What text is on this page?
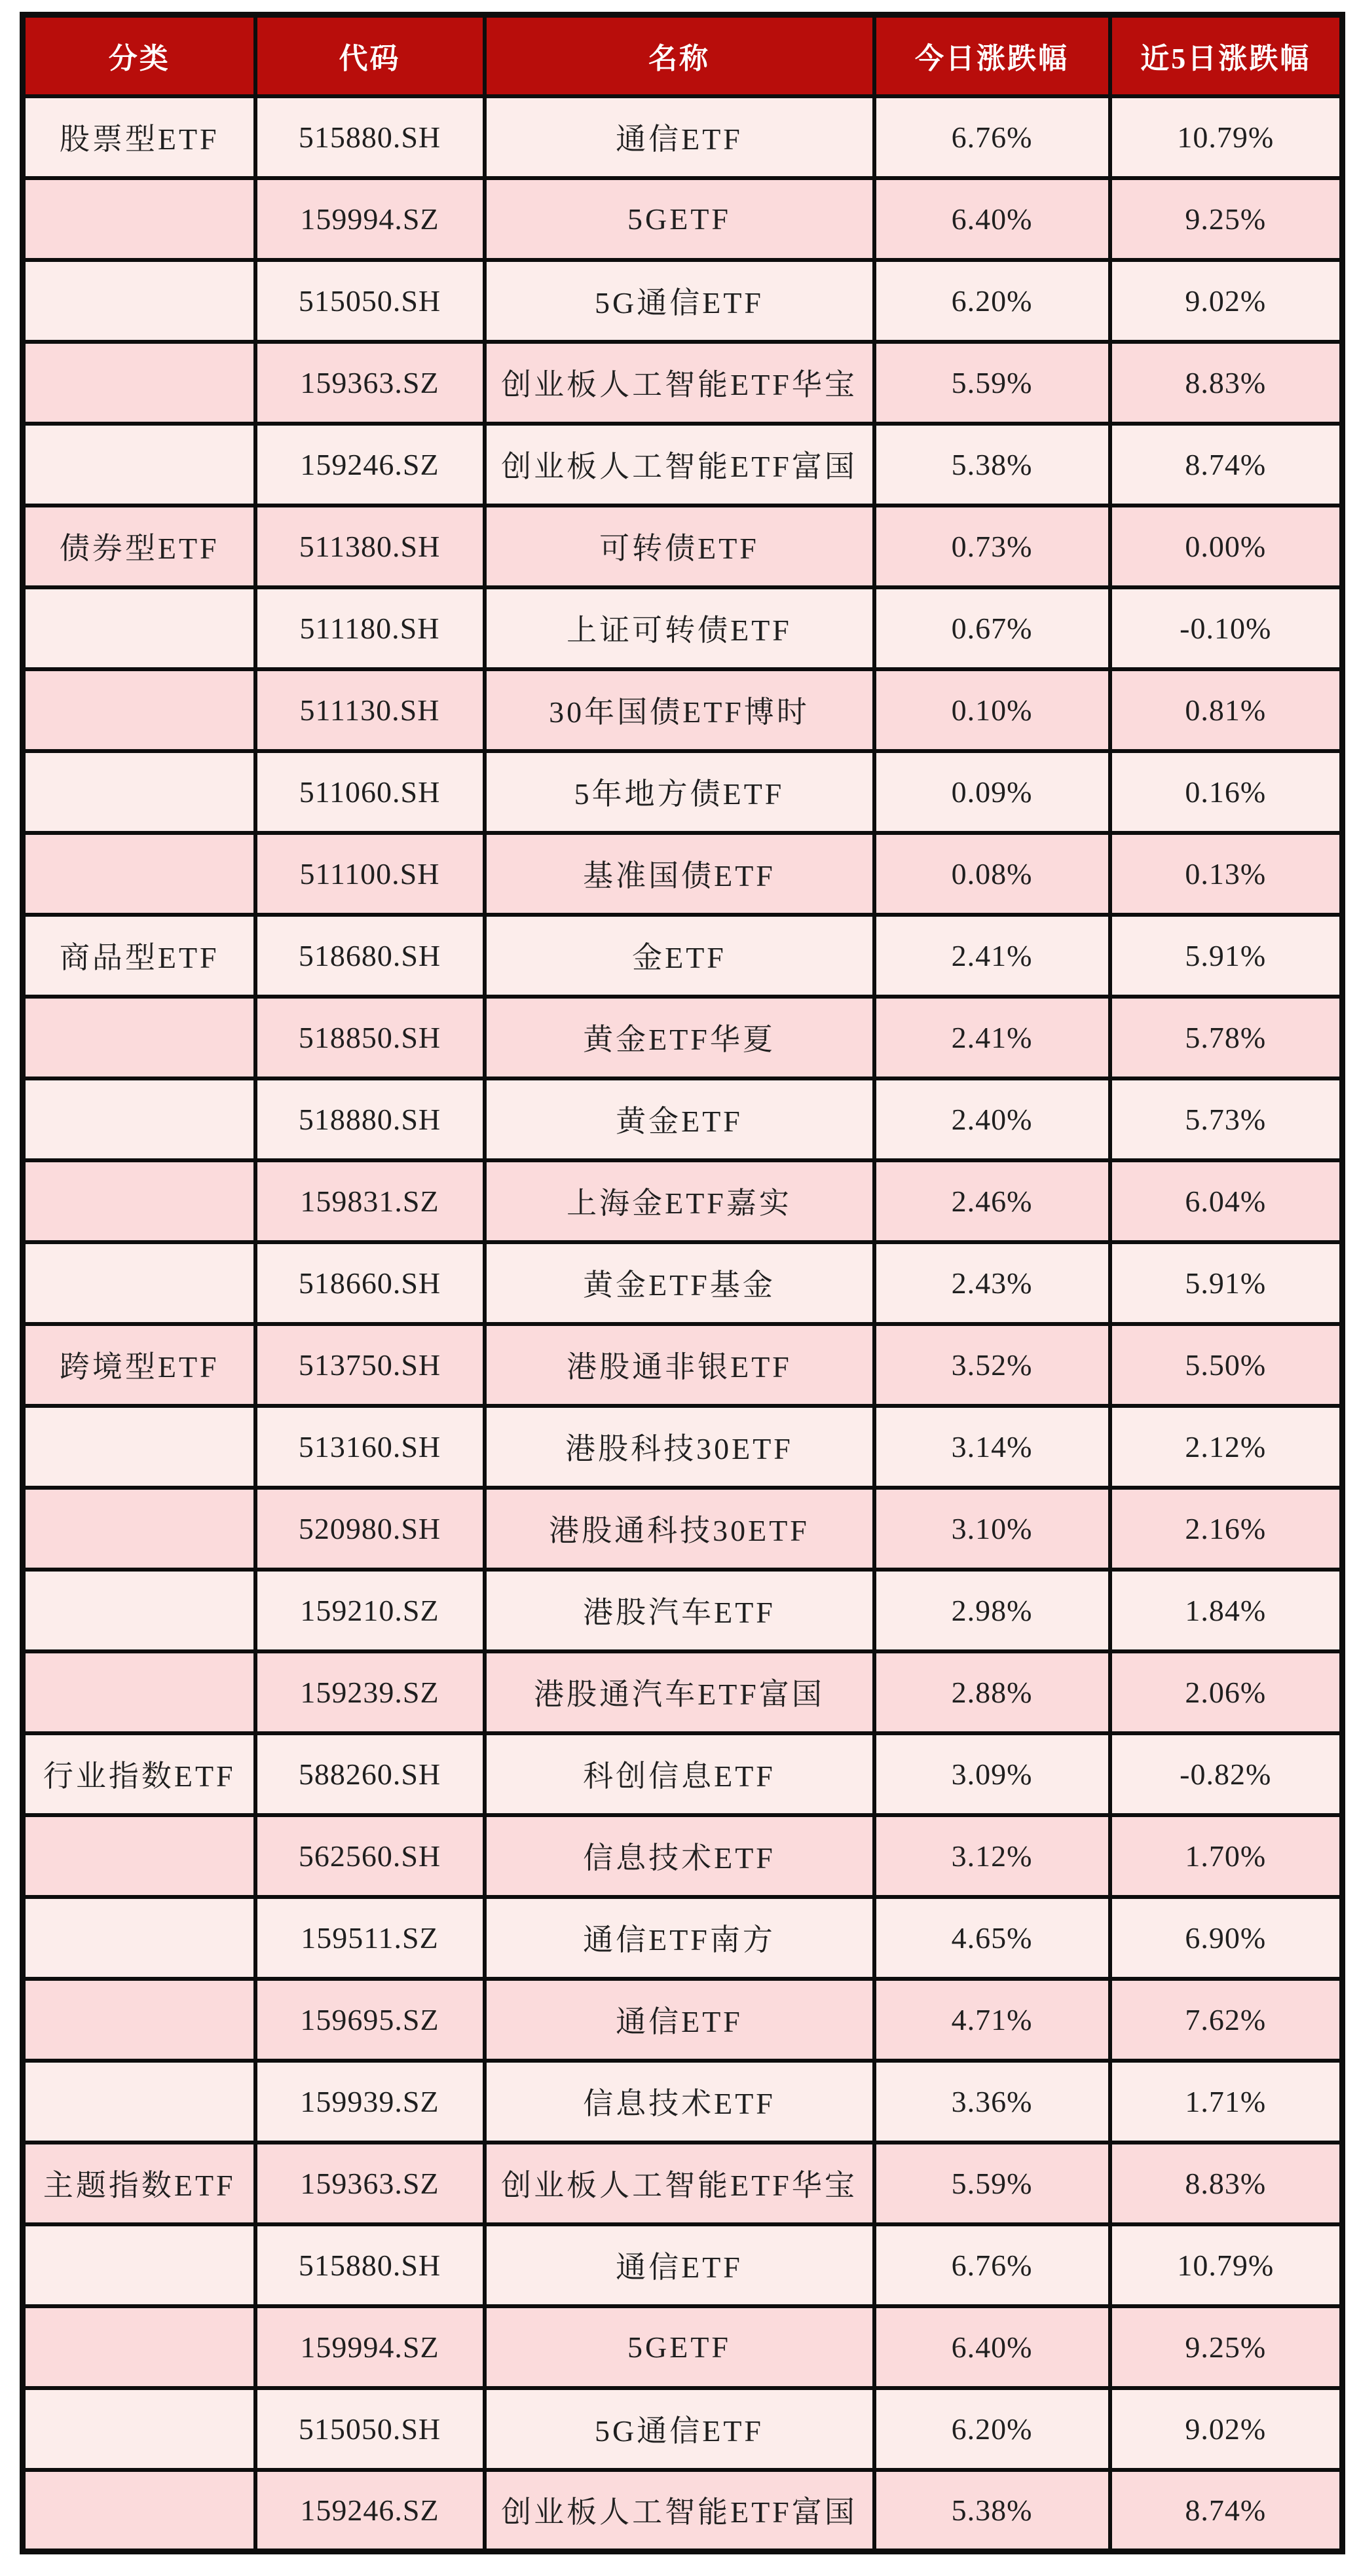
分类	代码	名称	今日涨跌幅	近5日涨跌幅
股票型ETF	515880.SH	通信ETF	6.76%	10.79%
	159994.SZ	5GETF	6.40%	9.25%
	515050.SH	5G通信ETF	6.20%	9.02%
	159363.SZ	创业板人工智能ETF华宝	5.59%	8.83%
	159246.SZ	创业板人工智能ETF富国	5.38%	8.74%
债券型ETF	511380.SH	可转债ETF	0.73%	0.00%
	511180.SH	上证可转债ETF	0.67%	-0.10%
	511130.SH	30年国债ETF博时	0.10%	0.81%
	511060.SH	5年地方债ETF	0.09%	0.16%
	511100.SH	基准国债ETF	0.08%	0.13%
商品型ETF	518680.SH	金ETF	2.41%	5.91%
	518850.SH	黄金ETF华夏	2.41%	5.78%
	518880.SH	黄金ETF	2.40%	5.73%
	159831.SZ	上海金ETF嘉实	2.46%	6.04%
	518660.SH	黄金ETF基金	2.43%	5.91%
跨境型ETF	513750.SH	港股通非银ETF	3.52%	5.50%
	513160.SH	港股科技30ETF	3.14%	2.12%
	520980.SH	港股通科技30ETF	3.10%	2.16%
	159210.SZ	港股汽车ETF	2.98%	1.84%
	159239.SZ	港股通汽车ETF富国	2.88%	2.06%
行业指数ETF	588260.SH	科创信息ETF	3.09%	-0.82%
	562560.SH	信息技术ETF	3.12%	1.70%
	159511.SZ	通信ETF南方	4.65%	6.90%
	159695.SZ	通信ETF	4.71%	7.62%
	159939.SZ	信息技术ETF	3.36%	1.71%
主题指数ETF	159363.SZ	创业板人工智能ETF华宝	5.59%	8.83%
	515880.SH	通信ETF	6.76%	10.79%
	159994.SZ	5GETF	6.40%	9.25%
	515050.SH	5G通信ETF	6.20%	9.02%
	159246.SZ	创业板人工智能ETF富国	5.38%	8.74%
